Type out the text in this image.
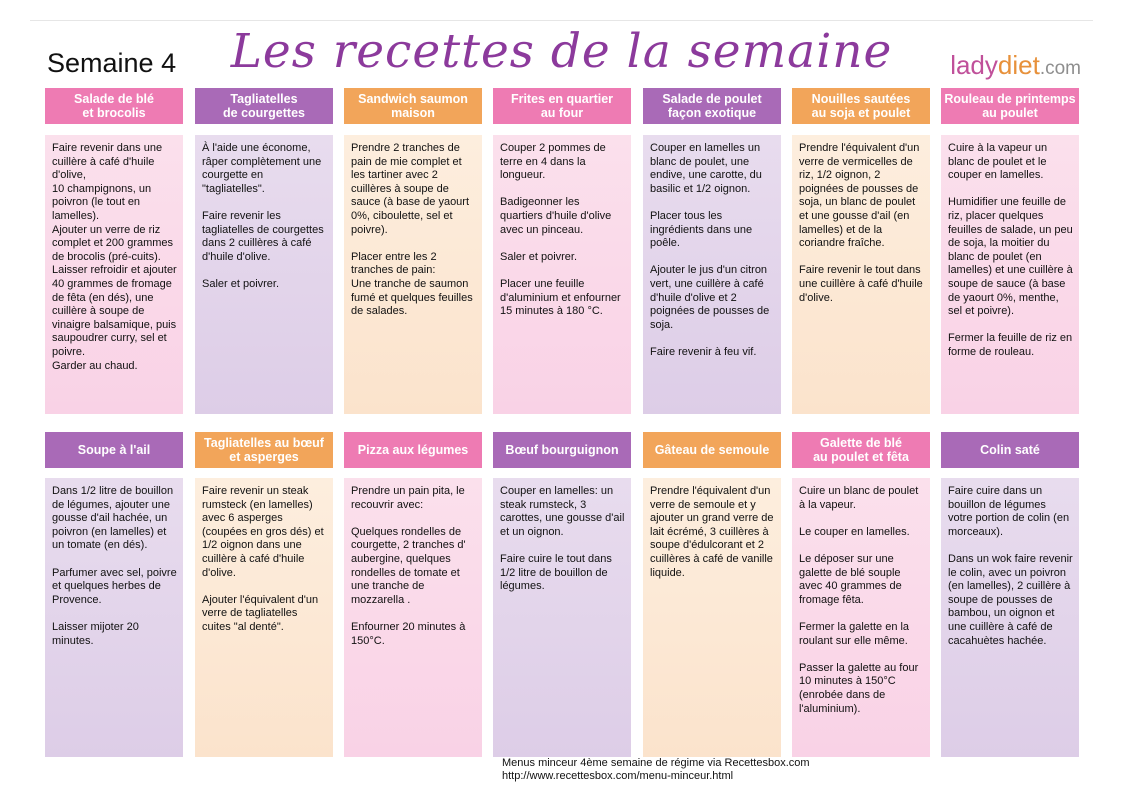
Semaine 4	Les recettes de la semaine	ladydiet.com
Salade de blé
et brocolis
Faire revenir dans une cuillère à café d'huile d'olive,
10 champignons, un poivron (le tout en lamelles).
Ajouter un verre de riz complet et 200 grammes de brocolis (pré-cuits).
Laisser refroidir et ajouter 40 grammes de fromage de fêta (en dés), une cuillère à soupe de vinaigre balsamique, puis saupoudrer curry, sel et poivre.
Garder au chaud.
Tagliatelles
de courgettes
À l'aide une économe, râper complètement une courgette en "tagliatelles".

Faire revenir les tagliatelles de courgettes dans 2 cuillères à café d'huile d'olive.

Saler et poivrer.
Sandwich saumon
maison
Prendre 2 tranches de pain de mie complet et les tartiner avec 2 cuillères à soupe de sauce (à base de yaourt 0%, ciboulette, sel et poivre).

Placer entre les 2 tranches de pain:
Une tranche de saumon fumé et quelques feuilles de salades.
Frites en quartier
au four
Couper 2 pommes de terre en 4 dans la longueur.

Badigeonner les quartiers d'huile d'olive avec un pinceau.

Saler et poivrer.

Placer une feuille d'aluminium et enfourner 15 minutes à 180 °C.
Salade de poulet
façon exotique
Couper en lamelles un blanc de poulet, une endive, une carotte, du basilic et 1/2 oignon.

Placer tous les ingrédients dans une poêle.

Ajouter le jus d'un citron vert, une cuillère à café d'huile d'olive et 2 poignées de pousses de soja.

Faire revenir à feu vif.
Nouilles sautées
au soja et poulet
Prendre l'équivalent d'un verre de vermicelles de riz, 1/2 oignon, 2 poignées de pousses de soja, un blanc de poulet et une gousse d'ail (en lamelles) et de la coriandre fraîche.

Faire revenir le tout dans une cuillère à café d'huile d'olive.
Rouleau de printemps
au poulet
Cuire à la vapeur un blanc de poulet et le couper en lamelles.

Humidifier une feuille de riz, placer quelques feuilles de salade, un peu de soja, la moitier du blanc de poulet (en lamelles) et une cuillère à soupe de sauce (à base de yaourt 0%, menthe, sel et poivre).

Fermer la feuille de riz en forme de rouleau.
Soupe à l'ail
Dans 1/2 litre de bouillon de légumes, ajouter une gousse d'ail hachée, un poivron (en lamelles) et un tomate (en dés).

Parfumer avec sel, poivre et quelques herbes de Provence.

Laisser mijoter 20 minutes.
Tagliatelles au bœuf
et asperges
Faire revenir un steak rumsteck (en lamelles) avec 6 asperges (coupées en gros dés) et 1/2 oignon dans une cuillère à café d'huile d'olive.

Ajouter l'équivalent d'un verre de tagliatelles cuites "al denté".
Pizza aux légumes
Prendre un pain pita, le recouvrir avec:

Quelques rondelles de courgette, 2 tranches d' aubergine, quelques rondelles de tomate et une tranche de mozzarella .

Enfourner 20 minutes à 150°C.
Bœuf bourguignon
Couper en lamelles: un steak rumsteck, 3 carottes, une gousse d'ail et un oignon.

Faire cuire le tout dans 1/2 litre de bouillon de légumes.
Gâteau de semoule
Prendre l'équivalent d'un verre de semoule et y ajouter un grand verre de lait écrémé, 3 cuillères à soupe d'édulcorant et 2 cuillères à café de vanille liquide.
Galette de blé
au poulet et fêta
Cuire un blanc de poulet à la vapeur.

Le couper en lamelles.

Le déposer sur une galette de blé souple avec 40 grammes de fromage fêta.

Fermer la galette en la roulant sur elle même.

Passer la galette au four 10 minutes à 150°C (enrobée dans de l'aluminium).
Colin saté
Faire cuire dans un bouillon de légumes votre portion de colin (en morceaux).

Dans un wok faire revenir le colin, avec un poivron (en lamelles), 2 cuillère à soupe de pousses de bambou, un oignon et une cuillère à café de cacahuètes hachée.
Menus minceur 4ème semaine de régime via Recettesbox.com
http://www.recettesbox.com/menu-minceur.html
